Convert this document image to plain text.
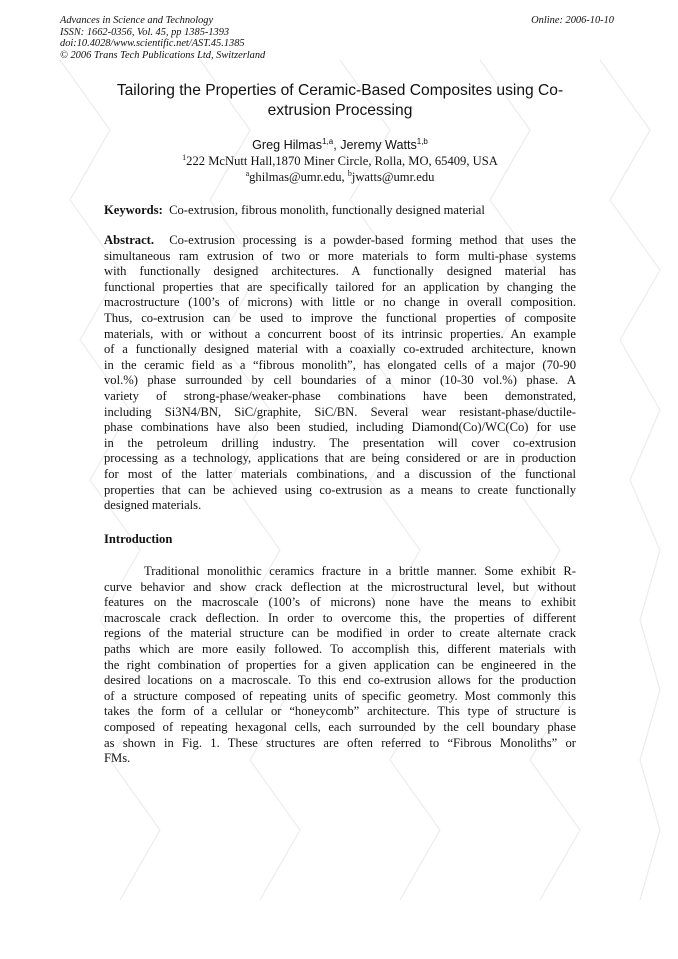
Advances in Science and Technology
ISSN: 1662-0356, Vol. 45, pp 1385-1393
doi:10.4028/www.scientific.net/AST.45.1385
© 2006 Trans Tech Publications Ltd, Switzerland
Online: 2006-10-10
Tailoring the Properties of Ceramic-Based Composites using Co-extrusion Processing
Greg Hilmas$^{1,a}$, Jeremy Watts$^{1,b}$
$^1$222 McNutt Hall,1870 Miner Circle, Rolla, MO, 65409, USA
$^a$ghilmas@umr.edu, $^b$jwatts@umr.edu
Keywords: Co-extrusion, fibrous monolith, functionally designed material
Abstract. Co-extrusion processing is a powder-based forming method that uses the
simultaneous ram extrusion of two or more materials to form multi-phase systems
with functionally designed architectures. A functionally designed material has
functional properties that are specifically tailored for an application by changing the
macrostructure (100’s of microns) with little or no change in overall composition.
Thus, co-extrusion can be used to improve the functional properties of composite
materials, with or without a concurrent boost of its intrinsic properties. An example
of a functionally designed material with a coaxially co-extruded architecture, known
in the ceramic field as a “fibrous monolith”, has elongated cells of a major (70-90
vol.%) phase surrounded by cell boundaries of a minor (10-30 vol.%) phase. A
variety of strong-phase/weaker-phase combinations have been demonstrated,
including Si3N4/BN, SiC/graphite, SiC/BN. Several wear resistant-phase/ductile-
phase combinations have also been studied, including Diamond(Co)/WC(Co) for use
in the petroleum drilling industry. The presentation will cover co-extrusion
processing as a technology, applications that are being considered or are in production
for most of the latter materials combinations, and a discussion of the functional
properties that can be achieved using co-extrusion as a means to create functionally
designed materials.
Introduction
Traditional monolithic ceramics fracture in a brittle manner. Some exhibit R-
curve behavior and show crack deflection at the microstructural level, but without
features on the macroscale (100’s of microns) none have the means to exhibit
macroscale crack deflection. In order to overcome this, the properties of different
regions of the material structure can be modified in order to create alternate crack
paths which are more easily followed. To accomplish this, different materials with
the right combination of properties for a given application can be engineered in the
desired locations on a macroscale. To this end co-extrusion allows for the production
of a structure composed of repeating units of specific geometry. Most commonly this
takes the form of a cellular or “honeycomb” architecture. This type of structure is
composed of repeating hexagonal cells, each surrounded by the cell boundary phase
as shown in Fig. 1. These structures are often referred to “Fibrous Monoliths” or
FMs.
